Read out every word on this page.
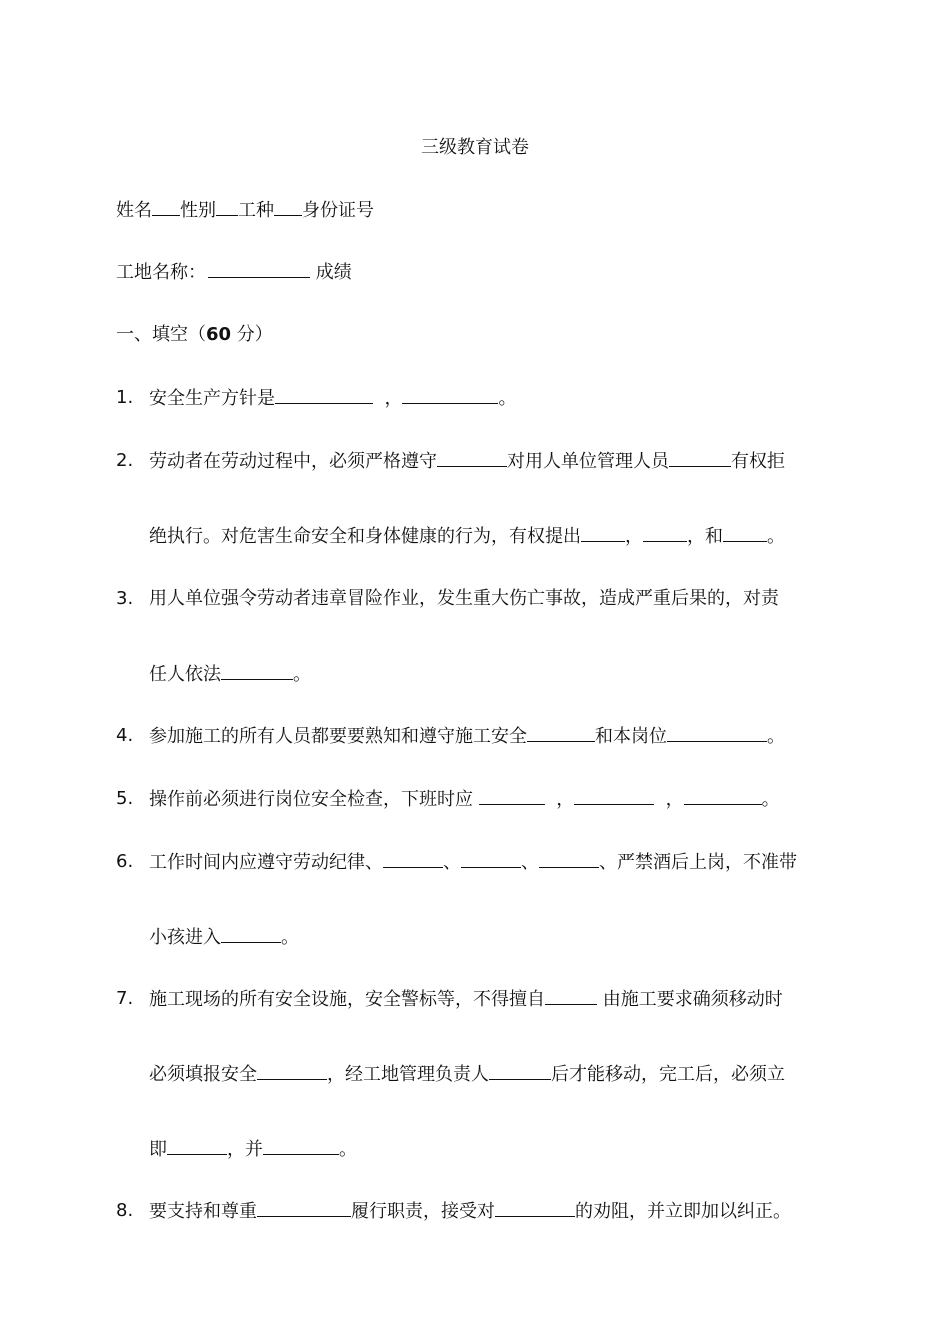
三级教育试卷
姓名 性别 工种 身份证号
工地名称：	成绩
一、填空（60 分）
1. 安全生产方针是	，	。
2. 劳动者在劳动过程中，必须严格遵守	对用人单位管理人员	有权拒
绝执行。对危害生命安全和身体健康的行为，有权提出 ， ，和 。
3. 用人单位强令劳动者违章冒险作业，发生重大伤亡事故，造成严重后果的，对责
任人依法	。
4. 参加施工的所有人员都要要熟知和遵守施工安全	和本岗位	。
5. 操作前必须进行岗位安全检查，下班时应	，	，	。
6. 工作时间内应遵守劳动纪律、	、	、	、严禁酒后上岗，不准带
小孩进入	。
7. 施工现场的所有安全设施，安全警标等，不得擅自	由施工要求确须移动时
必须填报安全	，经工地管理负责人	后才能移动，完工后，必须立
即	，并	。
8. 要支持和尊重	履行职责，接受对	的劝阻，并立即加以纠正。
